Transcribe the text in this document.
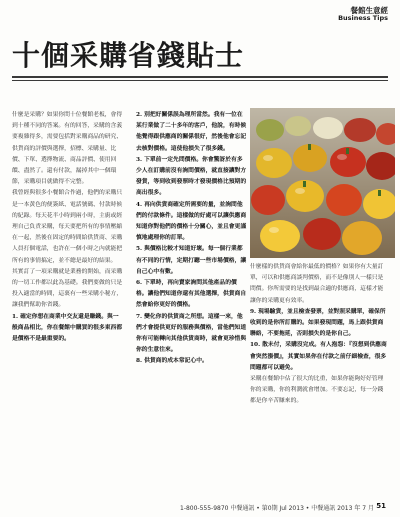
餐館生意經
Business Tips
十個采購省錢貼士

什麼是采購？如果你問十位餐館老板，會得到十種不同的答案。有的回答，采購的含義要複雜得多，需要包括對采購商品的研究、供貨商的評價與選擇，招標、采購量、比價、下單、選擇物流、商品評價、使用回饋、盡然了。還有付款，漏掉其中一個環節，采購項目就做得不完整。

我曾經與很多小餐館合作過，他們的采購只是一本黃色的便簽紙、電話號碼、付款時候的紀錄。每天花半小時到兩小時，主廚或經理自己負責采購，每天要把所有的事情壓縮在一起，然後在固定的時間給供貨商、采購人員打個電話，也許在一個小時之內就能把所有的事情搞定，並不總是最好的結果。

其實訂了一項采購就是業務的開始，而采購的一切工作都以此為基礎。我們要做的只是投入適當的時間，這裏有一些采購小秘方，讓我們幫助你省錢。

1. 確定你想在商業中交友還是賺錢。與一般商品相比，你在餐館中購買的很多東西都是價格不是最重要的。

2. 別把好關係誤為理所當然。我有一位在某行業做了二十多年的客戶，他說，有時候他覺得跟供應商的關係很好，然後他會忘記去核對價格。這使他損失了很多錢。

3. 下單前一定先問價格。你會驚訝於有多少人在訂購前沒有詢問價格，就直接讓對方發貨，等到收到發票時才發現價格比預期的高出很多。

4. 再向供貨商確定所需要的量，並詢問他們的付款條件。這樣做的好處可以讓供應商知道你對他們的價格十分關心，並且會更謹慎地處理你的訂單。

5. 與價格比較才知道好壞。每一個行業都有不同的行情，定期打聽一些市場價格，讓自己心中有數。

6. 下單時，再向賣家詢問其他產品的價格。讓他們知道你還有其他選擇，供貨商自然會給你更好的價格。

7. 變化你的供貨商之所想。這樣一來，他們才會提供更好的服務與價格，當他們知道你有可能轉向其他供貨商時，就會更珍惜與你的生意往來。

8. 供貨商的成本常記心中。

什麼樣的供貨商會給你最低的價格？如果你有大量訂單，可以和供應商談判價格，而不是像別人一樣只是問價。你所需要的是找到最合適的供應商，這樣才能讓你的采購更有效率。

9. 現場驗貨，並且檢查發票，並對照采購單，確保所收到的是你所訂購的。如果發現問題，馬上跟供貨商聯絡，不要拖延，否則損失的是你自己。

10. 散未付，采購沒完成。有人抱怨：『沒想到供應商會突然漲價』，其實如果你在付款之前仔細檢查，很多問題都可以避免。

采購在餐館中佔了很大的比重，如果你能夠好好管理你的采購，你的利潤就會增加。不要忘記，每一分錢都是你辛苦賺來的。

1-800-555-9870 中餐通訊 • 第0期 Jul 2013 • 中餐通訊 2013 年 7 月 51
